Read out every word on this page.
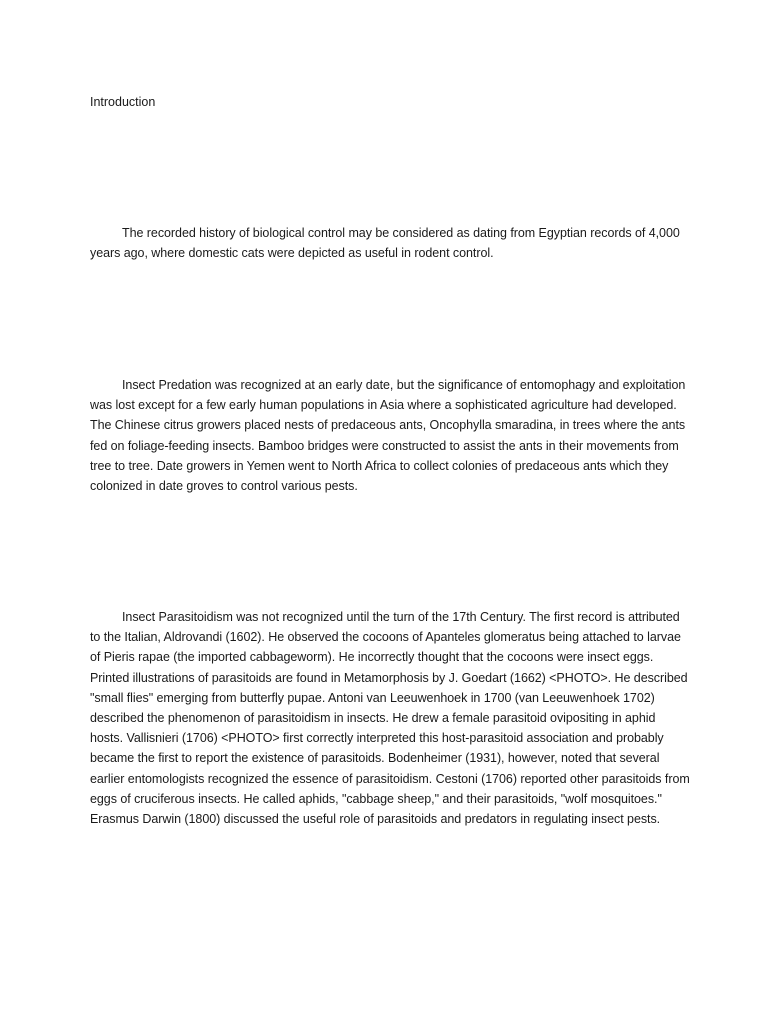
Introduction

The recorded history of biological control may be considered as dating from Egyptian records of 4,000 years ago, where domestic cats were depicted as useful in rodent control.

Insect Predation was recognized at an early date, but the significance of entomophagy and exploitation was lost except for a few early human populations in Asia where a sophisticated agriculture had developed. The Chinese citrus growers placed nests of predaceous ants, Oncophylla smaradina, in trees where the ants fed on foliage-feeding insects. Bamboo bridges were constructed to assist the ants in their movements from tree to tree. Date growers in Yemen went to North Africa to collect colonies of predaceous ants which they colonized in date groves to control various pests.

Insect Parasitoidism was not recognized until the turn of the 17th Century. The first record is attributed to the Italian, Aldrovandi (1602). He observed the cocoons of Apanteles glomeratus being attached to larvae of Pieris rapae (the imported cabbageworm). He incorrectly thought that the cocoons were insect eggs. Printed illustrations of parasitoids are found in Metamorphosis by J. Goedart (1662) <PHOTO>. He described "small flies" emerging from butterfly pupae. Antoni van Leeuwenhoek in 1700 (van Leeuwenhoek 1702) described the phenomenon of parasitoidism in insects. He drew a female parasitoid ovipositing in aphid hosts. Vallisnieri (1706) <PHOTO> first correctly interpreted this host-parasitoid association and probably became the first to report the existence of parasitoids. Bodenheimer (1931), however, noted that several earlier entomologists recognized the essence of parasitoidism. Cestoni (1706) reported other parasitoids from eggs of cruciferous insects. He called aphids, "cabbage sheep," and their parasitoids, "wolf mosquitoes." Erasmus Darwin (1800) discussed the useful role of parasitoids and predators in regulating insect pests.
